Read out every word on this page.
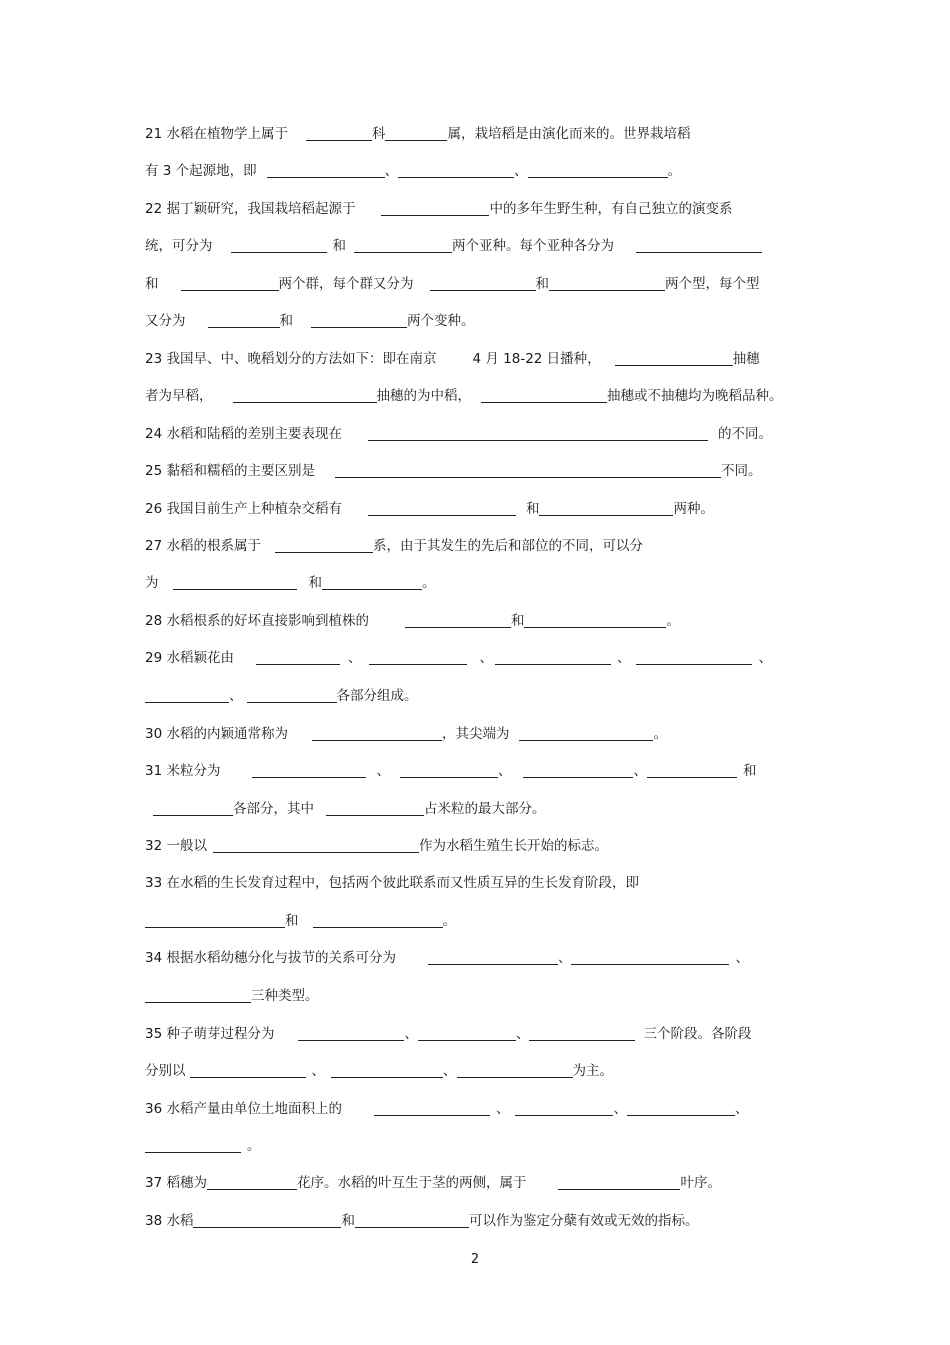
2
21 水稻在植物学上属于	科	属，栽培稻是由演化而来的。世界栽培稻
有 3 个起源地，即	、	、	。
22 据丁颖研究，我国栽培稻起源于	中的多年生野生种，有自己独立的演变系
统，可分为	和	两个亚种。每个亚种各分为
和	两个群，每个群又分为	和	两个型，每个型
又分为	和	两个变种。
23 我国早、中、晚稻划分的方法如下：即在南京	4 月 18-22 日播种，	抽穗
者为早稻，	抽穗的为中稻，	抽穗或不抽穗均为晚稻品种。
24 水稻和陆稻的差别主要表现在	的不同。
25 黏稻和糯稻的主要区别是	不同。
26 我国目前生产上种植杂交稻有	和	两种。
27 水稻的根系属于	系，由于其发生的先后和部位的不同，可以分
为	和	。
28 水稻根系的好坏直接影响到植株的	和	。
29 水稻颖花由	、	、	、	、
、	各部分组成。
30 水稻的内颖通常称为	，其尖端为	。
31 米粒分为	、	、	、	和
各部分，其中	占米粒的最大部分。
32 一般以	作为水稻生殖生长开始的标志。
33 在水稻的生长发育过程中，包括两个彼此联系而又性质互异的生长发育阶段，即
和	。
34 根据水稻幼穗分化与拔节的关系可分为	、	、
三种类型。
35 种子萌芽过程分为	、	、	三个阶段。各阶段
分别以	、	、	为主。
36 水稻产量由单位土地面积上的	、	、	、
。
37 稻穗为	花序。水稻的叶互生于茎的两侧，属于	叶序。
38 水稻	和	可以作为鉴定分蘖有效或无效的指标。
